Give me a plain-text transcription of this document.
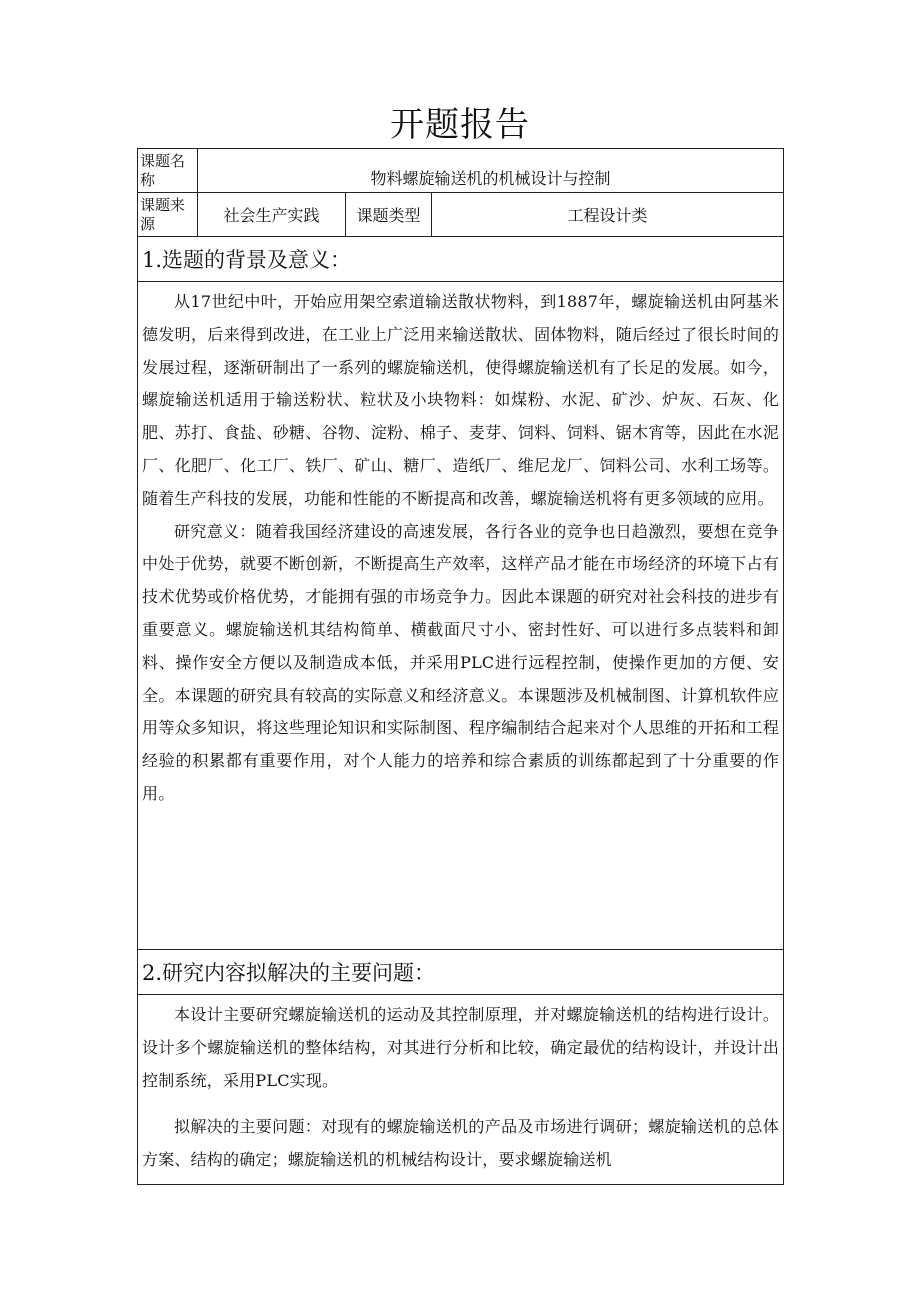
开题报告
课题名称	物料螺旋输送机的机械设计与控制		
课题来源	社会生产实践	课题类型	工程设计类
1.选题的背景及意义：			

从17世纪中叶，开始应用架空索道输送散状物料，到1887年，螺旋输送机由阿基米德发明，后来得到改进，在工业上广泛用来输送散状、固体物料，随后经过了很长时间的发展过程，逐渐研制出了一系列的螺旋输送机，使得螺旋输送机有了长足的发展。如今，螺旋输送机适用于输送粉状、粒状及小块物料：如煤粉、水泥、矿沙、炉灰、石灰、化肥、苏打、食盐、砂糖、谷物、淀粉、棉子、麦芽、饲料、饲料、锯木宵等，因此在水泥厂、化肥厂、化工厂、铁厂、矿山、糖厂、造纸厂、维尼龙厂、饲料公司、水利工场等。随着生产科技的发展，功能和性能的不断提高和改善，螺旋输送机将有更多领域的应用。

研究意义：随着我国经济建设的高速发展，各行各业的竞争也日趋激烈，要想在竞争中处于优势，就要不断创新，不断提高生产效率，这样产品才能在市场经济的环境下占有技术优势或价格优势，才能拥有强的市场竞争力。因此本课题的研究对社会科技的进步有重要意义。螺旋输送机其结构简单、横截面尺寸小、密封性好、可以进行多点装料和卸料、操作安全方便以及制造成本低，并采用PLC进行远程控制，使操作更加的方便、安全。本课题的研究具有较高的实际意义和经济意义。本课题涉及机械制图、计算机软件应用等众多知识，将这些理论知识和实际制图、程序编制结合起来对个人思维的开拓和工程经验的积累都有重要作用，对个人能力的培养和综合素质的训练都起到了十分重要的作用。			

2.研究内容拟解决的主要问题：			

本设计主要研究螺旋输送机的运动及其控制原理，并对螺旋输送机的结构进行设计。设计多个螺旋输送机的整体结构，对其进行分析和比较，确定最优的结构设计，并设计出控制系统，采用PLC实现。

拟解决的主要问题：对现有的螺旋输送机的产品及市场进行调研；螺旋输送机的总体方案、结构的确定；螺旋输送机的机械结构设计，要求螺旋输送机			
